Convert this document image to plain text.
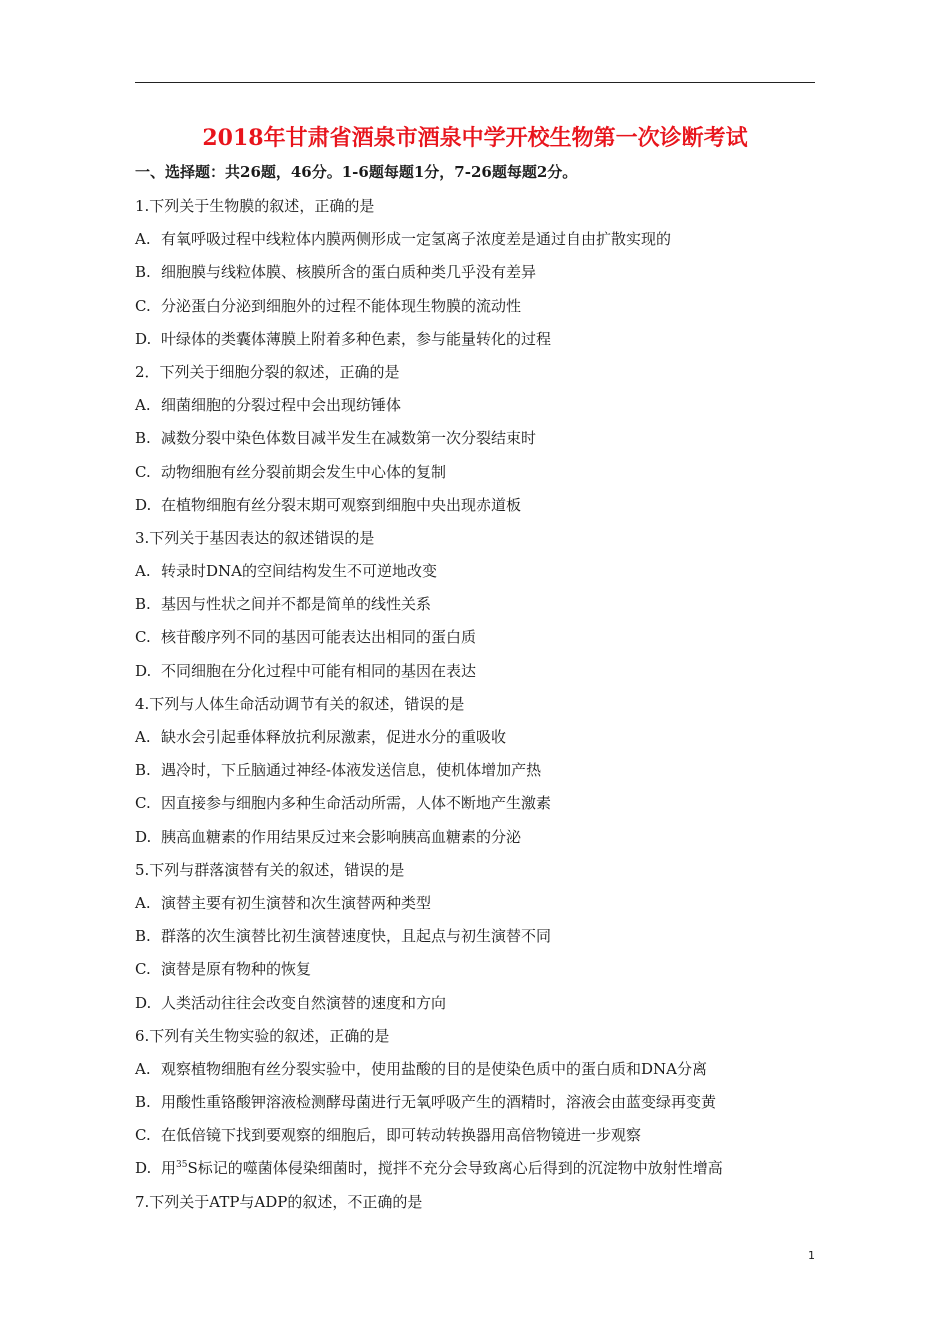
2018年甘肃省酒泉市酒泉中学开校生物第一次诊断考试
一、选择题：共26题，46分。1-6题每题1分，7-26题每题2分。
1.下列关于生物膜的叙述，正确的是
A. 有氧呼吸过程中线粒体内膜两侧形成一定氢离子浓度差是通过自由扩散实现的
B. 细胞膜与线粒体膜、核膜所含的蛋白质种类几乎没有差异
C. 分泌蛋白分泌到细胞外的过程不能体现生物膜的流动性
D. 叶绿体的类囊体薄膜上附着多种色素，参与能量转化的过程
2．下列关于细胞分裂的叙述，正确的是
A. 细菌细胞的分裂过程中会出现纺锤体
B. 减数分裂中染色体数目减半发生在减数第一次分裂结束时
C. 动物细胞有丝分裂前期会发生中心体的复制
D. 在植物细胞有丝分裂末期可观察到细胞中央出现赤道板
3.下列关于基因表达的叙述错误的是
A. 转录时DNA的空间结构发生不可逆地改变
B. 基因与性状之间并不都是简单的线性关系
C. 核苷酸序列不同的基因可能表达出相同的蛋白质
D. 不同细胞在分化过程中可能有相同的基因在表达
4.下列与人体生命活动调节有关的叙述，错误的是
A. 缺水会引起垂体释放抗利尿激素，促进水分的重吸收
B. 遇冷时，下丘脑通过神经-体液发送信息，使机体增加产热
C. 因直接参与细胞内多种生命活动所需，人体不断地产生激素
D. 胰高血糖素的作用结果反过来会影响胰高血糖素的分泌
5.下列与群落演替有关的叙述，错误的是
A. 演替主要有初生演替和次生演替两种类型
B. 群落的次生演替比初生演替速度快，且起点与初生演替不同
C. 演替是原有物种的恢复
D. 人类活动往往会改变自然演替的速度和方向
6.下列有关生物实验的叙述，正确的是
A. 观察植物细胞有丝分裂实验中，使用盐酸的目的是使染色质中的蛋白质和DNA分离
B. 用酸性重铬酸钾溶液检测酵母菌进行无氧呼吸产生的酒精时，溶液会由蓝变绿再变黄
C. 在低倍镜下找到要观察的细胞后，即可转动转换器用高倍物镜进一步观察
D. 用$^{35}$S标记的噬菌体侵染细菌时，搅拌不充分会导致离心后得到的沉淀物中放射性增高
7.下列关于ATP与ADP的叙述，不正确的是
1
